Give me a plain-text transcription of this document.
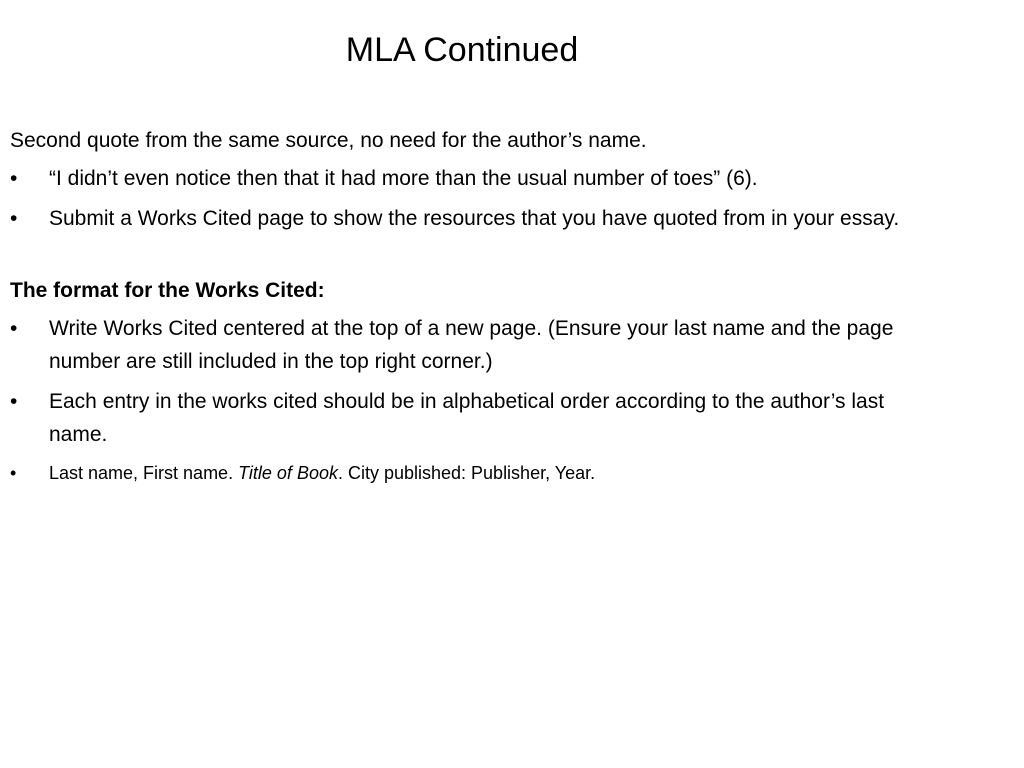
MLA Continued
Second quote from the same source, no need for the author’s name.
•	“I didn’t even notice then that it had more than the usual number of toes” (6).
•	Submit a Works Cited page to show the resources that you have quoted from in your essay.
The format for the Works Cited:
•	Write Works Cited centered at the top of a new page. (Ensure your last name and the page number are still included in the top right corner.)
•	Each entry in the works cited should be in alphabetical order according to the author’s last name.
•	Last name, First name. Title of Book. City published: Publisher, Year.
